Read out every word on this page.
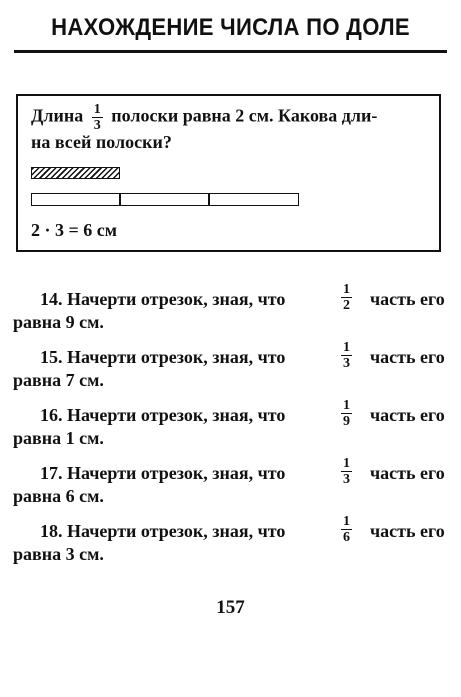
НАХОЖДЕНИЕ ЧИСЛА ПО ДОЛЕ
Длина $\frac{1}{3}$ полоски равна 2 см. Какова дли-
на всей полоски?
2 · 3 = 6 см
14. Начерти отрезок, зная, что	$\frac{1}{2}$ часть его
равна 9 см.
15. Начерти отрезок, зная, что	$\frac{1}{3}$ часть его
равна 7 см.
16. Начерти отрезок, зная, что	$\frac{1}{9}$ часть его
равна 1 см.
17. Начерти отрезок, зная, что	$\frac{1}{3}$ часть его
равна 6 см.
18. Начерти отрезок, зная, что	$\frac{1}{6}$ часть его
равна 3 см.
157
